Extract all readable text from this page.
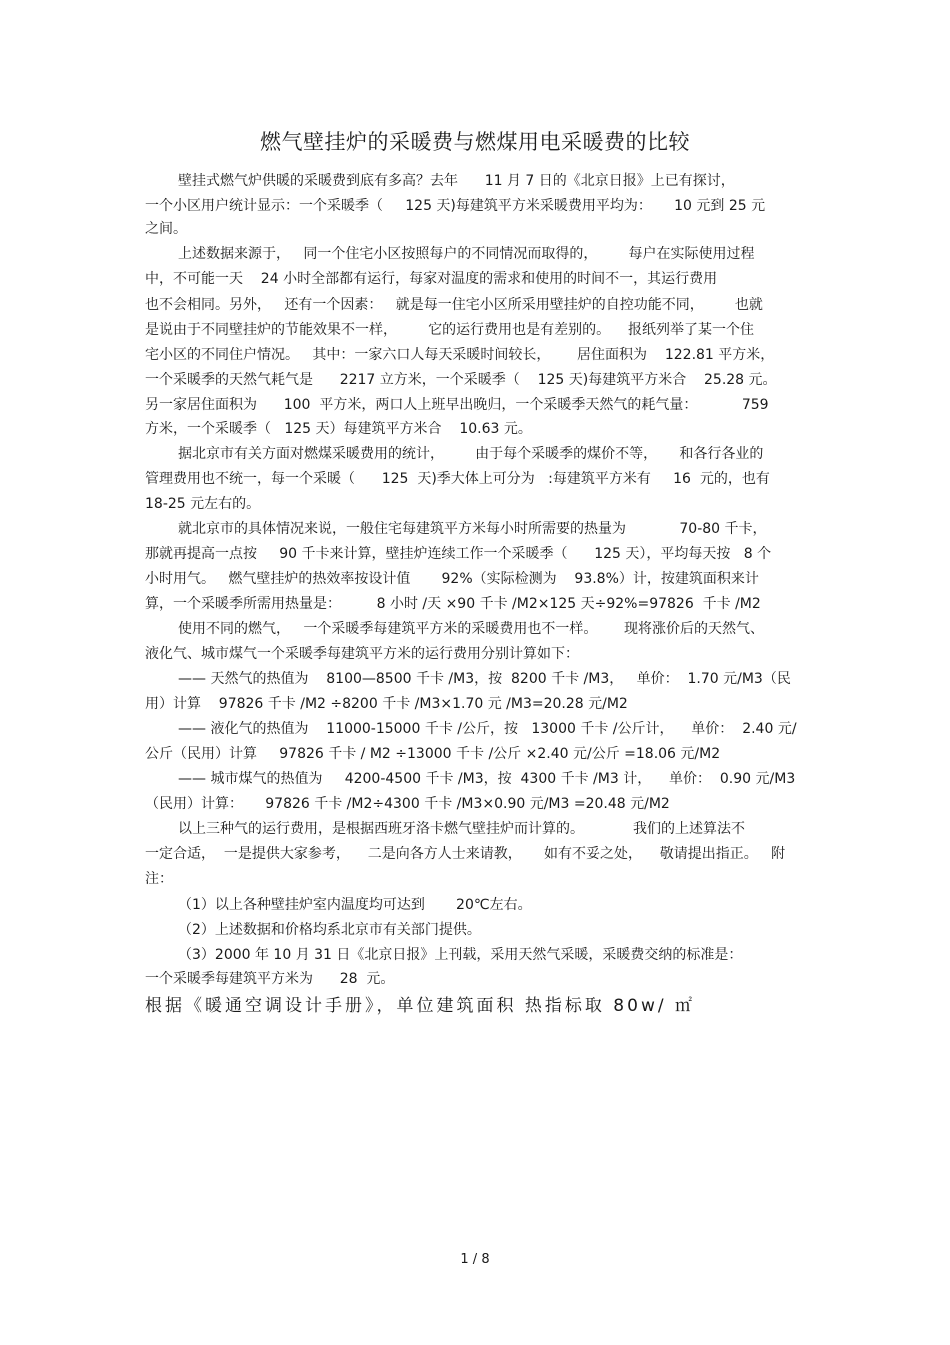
燃气壁挂炉的采暖费与燃煤用电采暖费的比较
壁挂式燃气炉供暖的采暖费到底有多高？去年      11 月 7 日的《北京日报》上已有探讨，
一个小区用户统计显示：一个采暖季（     125 天)每建筑平方米采暖费用平均为：     10 元到 25 元
之间。
上述数据来源于，   同一个住宅小区按照每户的不同情况而取得的，       每户在实际使用过程
中，不可能一天    24 小时全部都有运行，每家对温度的需求和使用的时间不一，其运行费用
也不会相同。另外，   还有一个因素：   就是每一住宅小区所采用壁挂炉的自控功能不同，       也就
是说由于不同壁挂炉的节能效果不一样，       它的运行费用也是有差别的。    报纸列举了某一个住
宅小区的不同住户情况。   其中：一家六口人每天采暖时间较长，      居住面积为    122.81 平方米，
一个采暖季的天然气耗气是      2217 立方米，一个采暖季（    125 天)每建筑平方米合    25.28 元。
另一家居住面积为      100  平方米，两口人上班早出晚归，一个采暖季天然气的耗气量：          759
方米，一个采暖季（   125 天）每建筑平方米合    10.63 元。
据北京市有关方面对燃煤采暖费用的统计，       由于每个采暖季的煤价不等，     和各行各业的
管理费用也不统一，每一个采暖（      125  天)季大体上可分为   :每建筑平方米有     16  元的，也有
18-25 元左右的。
就北京市的具体情况来说，一般住宅每建筑平方米每小时所需要的热量为            70-80 千卡，
那就再提高一点按     90 千卡来计算，壁挂炉连续工作一个采暖季（      125 天），平均每天按   8 个
小时用气。   燃气壁挂炉的热效率按设计值       92%（实际检测为    93.8%）计，按建筑面积来计
算，一个采暖季所需用热量是：        8 小时 /天 ×90 千卡 /M2×125 天÷92%=97826  千卡 /M2
使用不同的燃气，   一个采暖季每建筑平方米的采暖费用也不一样。      现将涨价后的天然气、
液化气、城市煤气一个采暖季每建筑平方米的运行费用分别计算如下：
—— 天然气的热值为    8100—8500 千卡 /M3，按  8200 千卡 /M3，   单价：  1.70 元/M3（民
用）计算    97826 千卡 /M2 ÷8200 千卡 /M3×1.70 元 /M3=20.28 元/M2
—— 液化气的热值为    11000-15000 千卡 /公斤，按   13000 千卡 /公斤计，    单价：  2.40 元/
公斤（民用）计算     97826 千卡 / M2 ÷13000 千卡 /公斤 ×2.40 元/公斤 =18.06 元/M2
—— 城市煤气的热值为     4200-4500 千卡 /M3，按  4300 千卡 /M3 计，    单价：  0.90 元/M3
（民用）计算：     97826 千卡 /M2÷4300 千卡 /M3×0.90 元/M3 =20.48 元/M2
以上三种气的运行费用，是根据西班牙洛卡燃气壁挂炉而计算的。           我们的上述算法不
一定合适，  一是提供大家参考，    二是向各方人士来请教，     如有不妥之处，    敬请提出指正。   附
注：
（1）以上各种壁挂炉室内温度均可达到       20℃左右。
（2）上述数据和价格均系北京市有关部门提供。
（3）2000 年 10 月 31 日《北京日报》上刊载，采用天然气采暖，采暖费交纳的标准是：
一个采暖季每建筑平方米为      28  元。
根据《暖通空调设计手册》，单位建筑面积 热指标取 80w/ ㎡
1 / 8
